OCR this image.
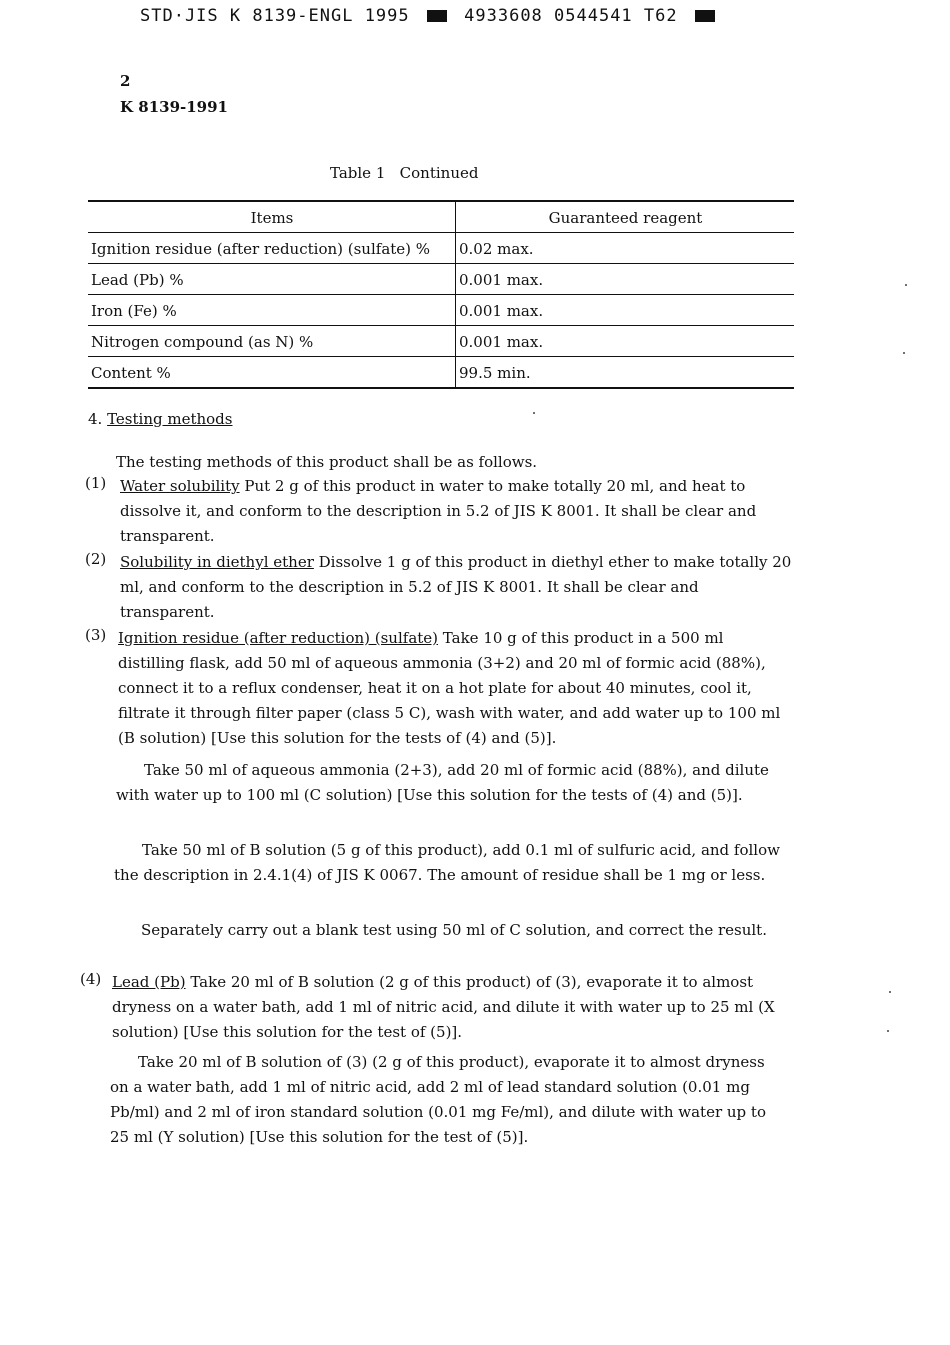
STD·JIS K 8139-ENGL 1995	4933608 0544541 T62
2
K 8139-1991
Table 1   Continued
Items	Guaranteed reagent
Ignition residue (after reduction) (sulfate) %	0.02 max.
Lead (Pb) %	0.001 max.
Iron (Fe) %	0.001 max.
Nitrogen compound (as N) %	0.001 max.
Content %	99.5 min.
4. Testing methods

The testing methods of this product shall be as follows.

(1) Water solubility Put 2 g of this product in water to make totally 20 ml, and heat to dissolve it, and conform to the description in 5.2 of JIS K 8001. It shall be clear and transparent.

(2) Solubility in diethyl ether Dissolve 1 g of this product in diethyl ether to make totally 20 ml, and conform to the description in 5.2 of JIS K 8001. It shall be clear and transparent.

(3) Ignition residue (after reduction) (sulfate) Take 10 g of this product in a 500 ml distilling flask, add 50 ml of aqueous ammonia (3+2) and 20 ml of formic acid (88%), connect it to a reflux condenser, heat it on a hot plate for about 40 minutes, cool it, filtrate it through filter paper (class 5 C), wash with water, and add water up to 100 ml (B solution) [Use this solution for the tests of (4) and (5)].

Take 50 ml of aqueous ammonia (2+3), add 20 ml of formic acid (88%), and dilute with water up to 100 ml (C solution) [Use this solution for the tests of (4) and (5)].

Take 50 ml of B solution (5 g of this product), add 0.1 ml of sulfuric acid, and follow the description in 2.4.1(4) of JIS K 0067. The amount of residue shall be 1 mg or less.

Separately carry out a blank test using 50 ml of C solution, and correct the result.

(4) Lead (Pb) Take 20 ml of B solution (2 g of this product) of (3), evaporate it to almost dryness on a water bath, add 1 ml of nitric acid, and dilute it with water up to 25 ml (X solution) [Use this solution for the test of (5)].

Take 20 ml of B solution of (3) (2 g of this product), evaporate it to almost dryness on a water bath, add 1 ml of nitric acid, add 2 ml of lead standard solution (0.01 mg Pb/ml) and 2 ml of iron standard solution (0.01 mg Fe/ml), and dilute with water up to 25 ml (Y solution) [Use this solution for the test of (5)].
